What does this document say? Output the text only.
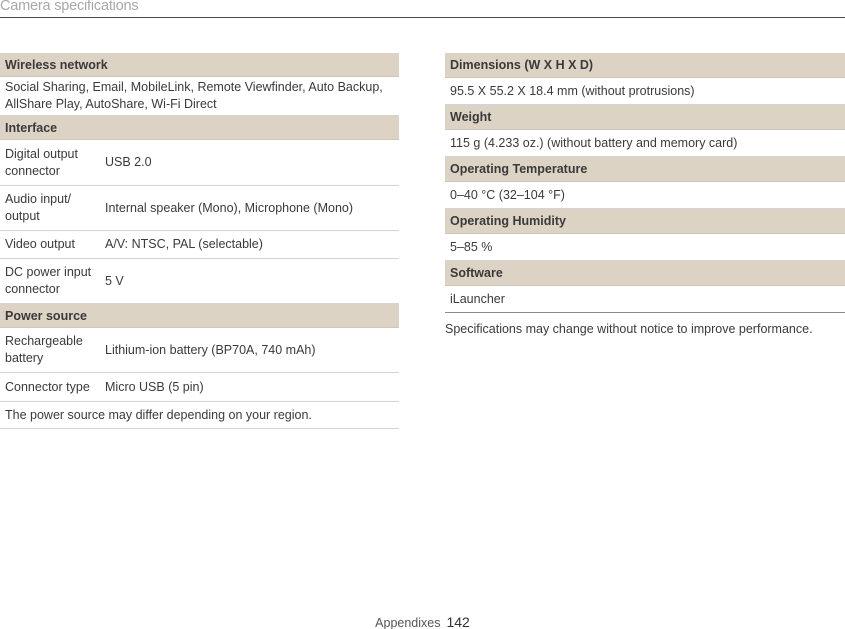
Camera specifications
Wireless network
Social Sharing, Email, MobileLink, Remote Viewfinder, Auto Backup, AllShare Play, AutoShare, Wi-Fi Direct
Interface
Digital output connector
USB 2.0
Audio input/ output
Internal speaker (Mono), Microphone (Mono)
Video output	A/V: NTSC, PAL (selectable)
DC power input connector
5 V
Power source
Rechargeable battery
Lithium-ion battery (BP70A, 740 mAh)
Connector type	Micro USB (5 pin)
The power source may differ depending on your region.
Dimensions (W X H X D)
95.5 X 55.2 X 18.4 mm (without protrusions)
Weight
115 g (4.233 oz.) (without battery and memory card)
Operating Temperature
0–40 °C (32–104 °F)
Operating Humidity
5–85 %
Software
iLauncher
Specifications may change without notice to improve performance.
Appendixes 142
